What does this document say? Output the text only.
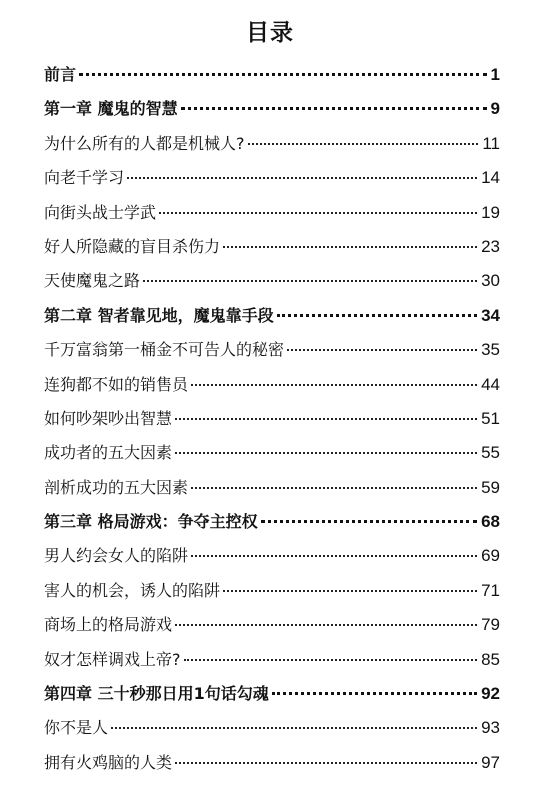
目录
前言	1
第一章 魔鬼的智慧	9
为什么所有的人都是机械人?	11
向老千学习	14
向街头战士学武	19
好人所隐藏的盲目杀伤力	23
天使魔鬼之路	30
第二章 智者靠见地，魔鬼靠手段	34
千万富翁第一桶金不可告人的秘密	35
连狗都不如的销售员	44
如何吵架吵出智慧	51
成功者的五大因素	55
剖析成功的五大因素	59
第三章 格局游戏：争夺主控权	68
男人约会女人的陷阱	69
害人的机会，诱人的陷阱	71
商场上的格局游戏	79
奴才怎样调戏上帝?	85
第四章 三十秒那日用1句话勾魂	92
你不是人	93
拥有火鸡脑的人类	97
